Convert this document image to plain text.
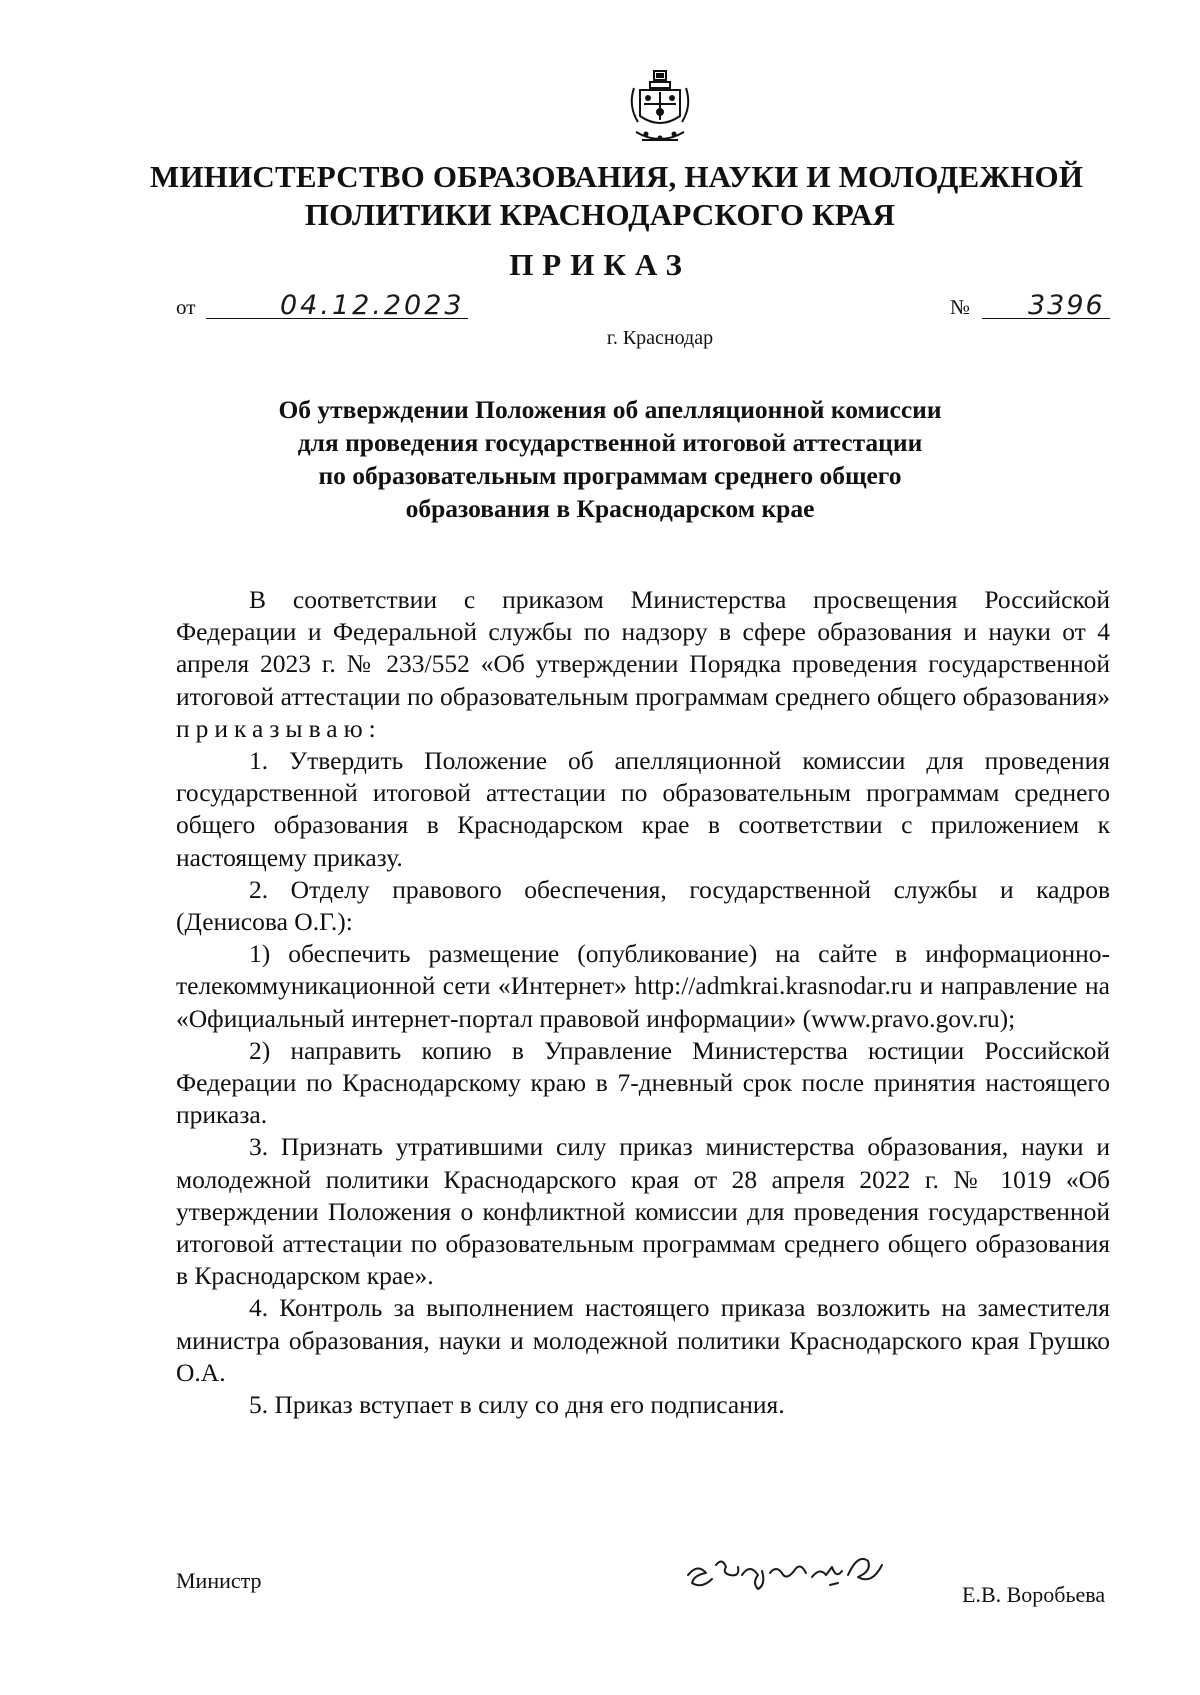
МИНИСТЕРСТВО ОБРАЗОВАНИЯ, НАУКИ И МОЛОДЕЖНОЙ
ПОЛИТИКИ КРАСНОДАРСКОГО КРАЯ
ПРИКАЗ
от	04.12.2023	№ 3396
г. Краснодар
Об утверждении Положения об апелляционной комиссии
для проведения государственной итоговой аттестации
по образовательным программам среднего общего
образования в Краснодарском крае

В соответствии с приказом Министерства просвещения Российской Федерации и Федеральной службы по надзору в сфере образования и науки от 4 апреля 2023 г. № 233/552 «Об утверждении Порядка проведения государственной итоговой аттестации по образовательным программам среднего общего образования» приказываю:

1. Утвердить Положение об апелляционной комиссии для проведения государственной итоговой аттестации по образовательным программам среднего общего образования в Краснодарском крае в соответствии с приложением к настоящему приказу.

2. Отделу правового обеспечения, государственной службы и кадров (Денисова О.Г.):

1) обеспечить размещение (опубликование) на сайте в информационно-телекоммуникационной сети «Интернет» http://admkrai.krasnodar.ru и направление на «Официальный интернет-портал правовой информации» (www.pravo.gov.ru);

2) направить копию в Управление Министерства юстиции Российской Федерации по Краснодарскому краю в 7-дневный срок после принятия настоящего приказа.

3. Признать утратившими силу приказ министерства образования, науки и молодежной политики Краснодарского края от 28 апреля 2022 г. № 1019 «Об утверждении Положения о конфликтной комиссии для проведения государственной итоговой аттестации по образовательным программам среднего общего образования в Краснодарском крае».

4. Контроль за выполнением настоящего приказа возложить на заместителя министра образования, науки и молодежной политики Краснодарского края Грушко О.А.

5. Приказ вступает в силу со дня его подписания.

Министр
Е.В. Воробьева
